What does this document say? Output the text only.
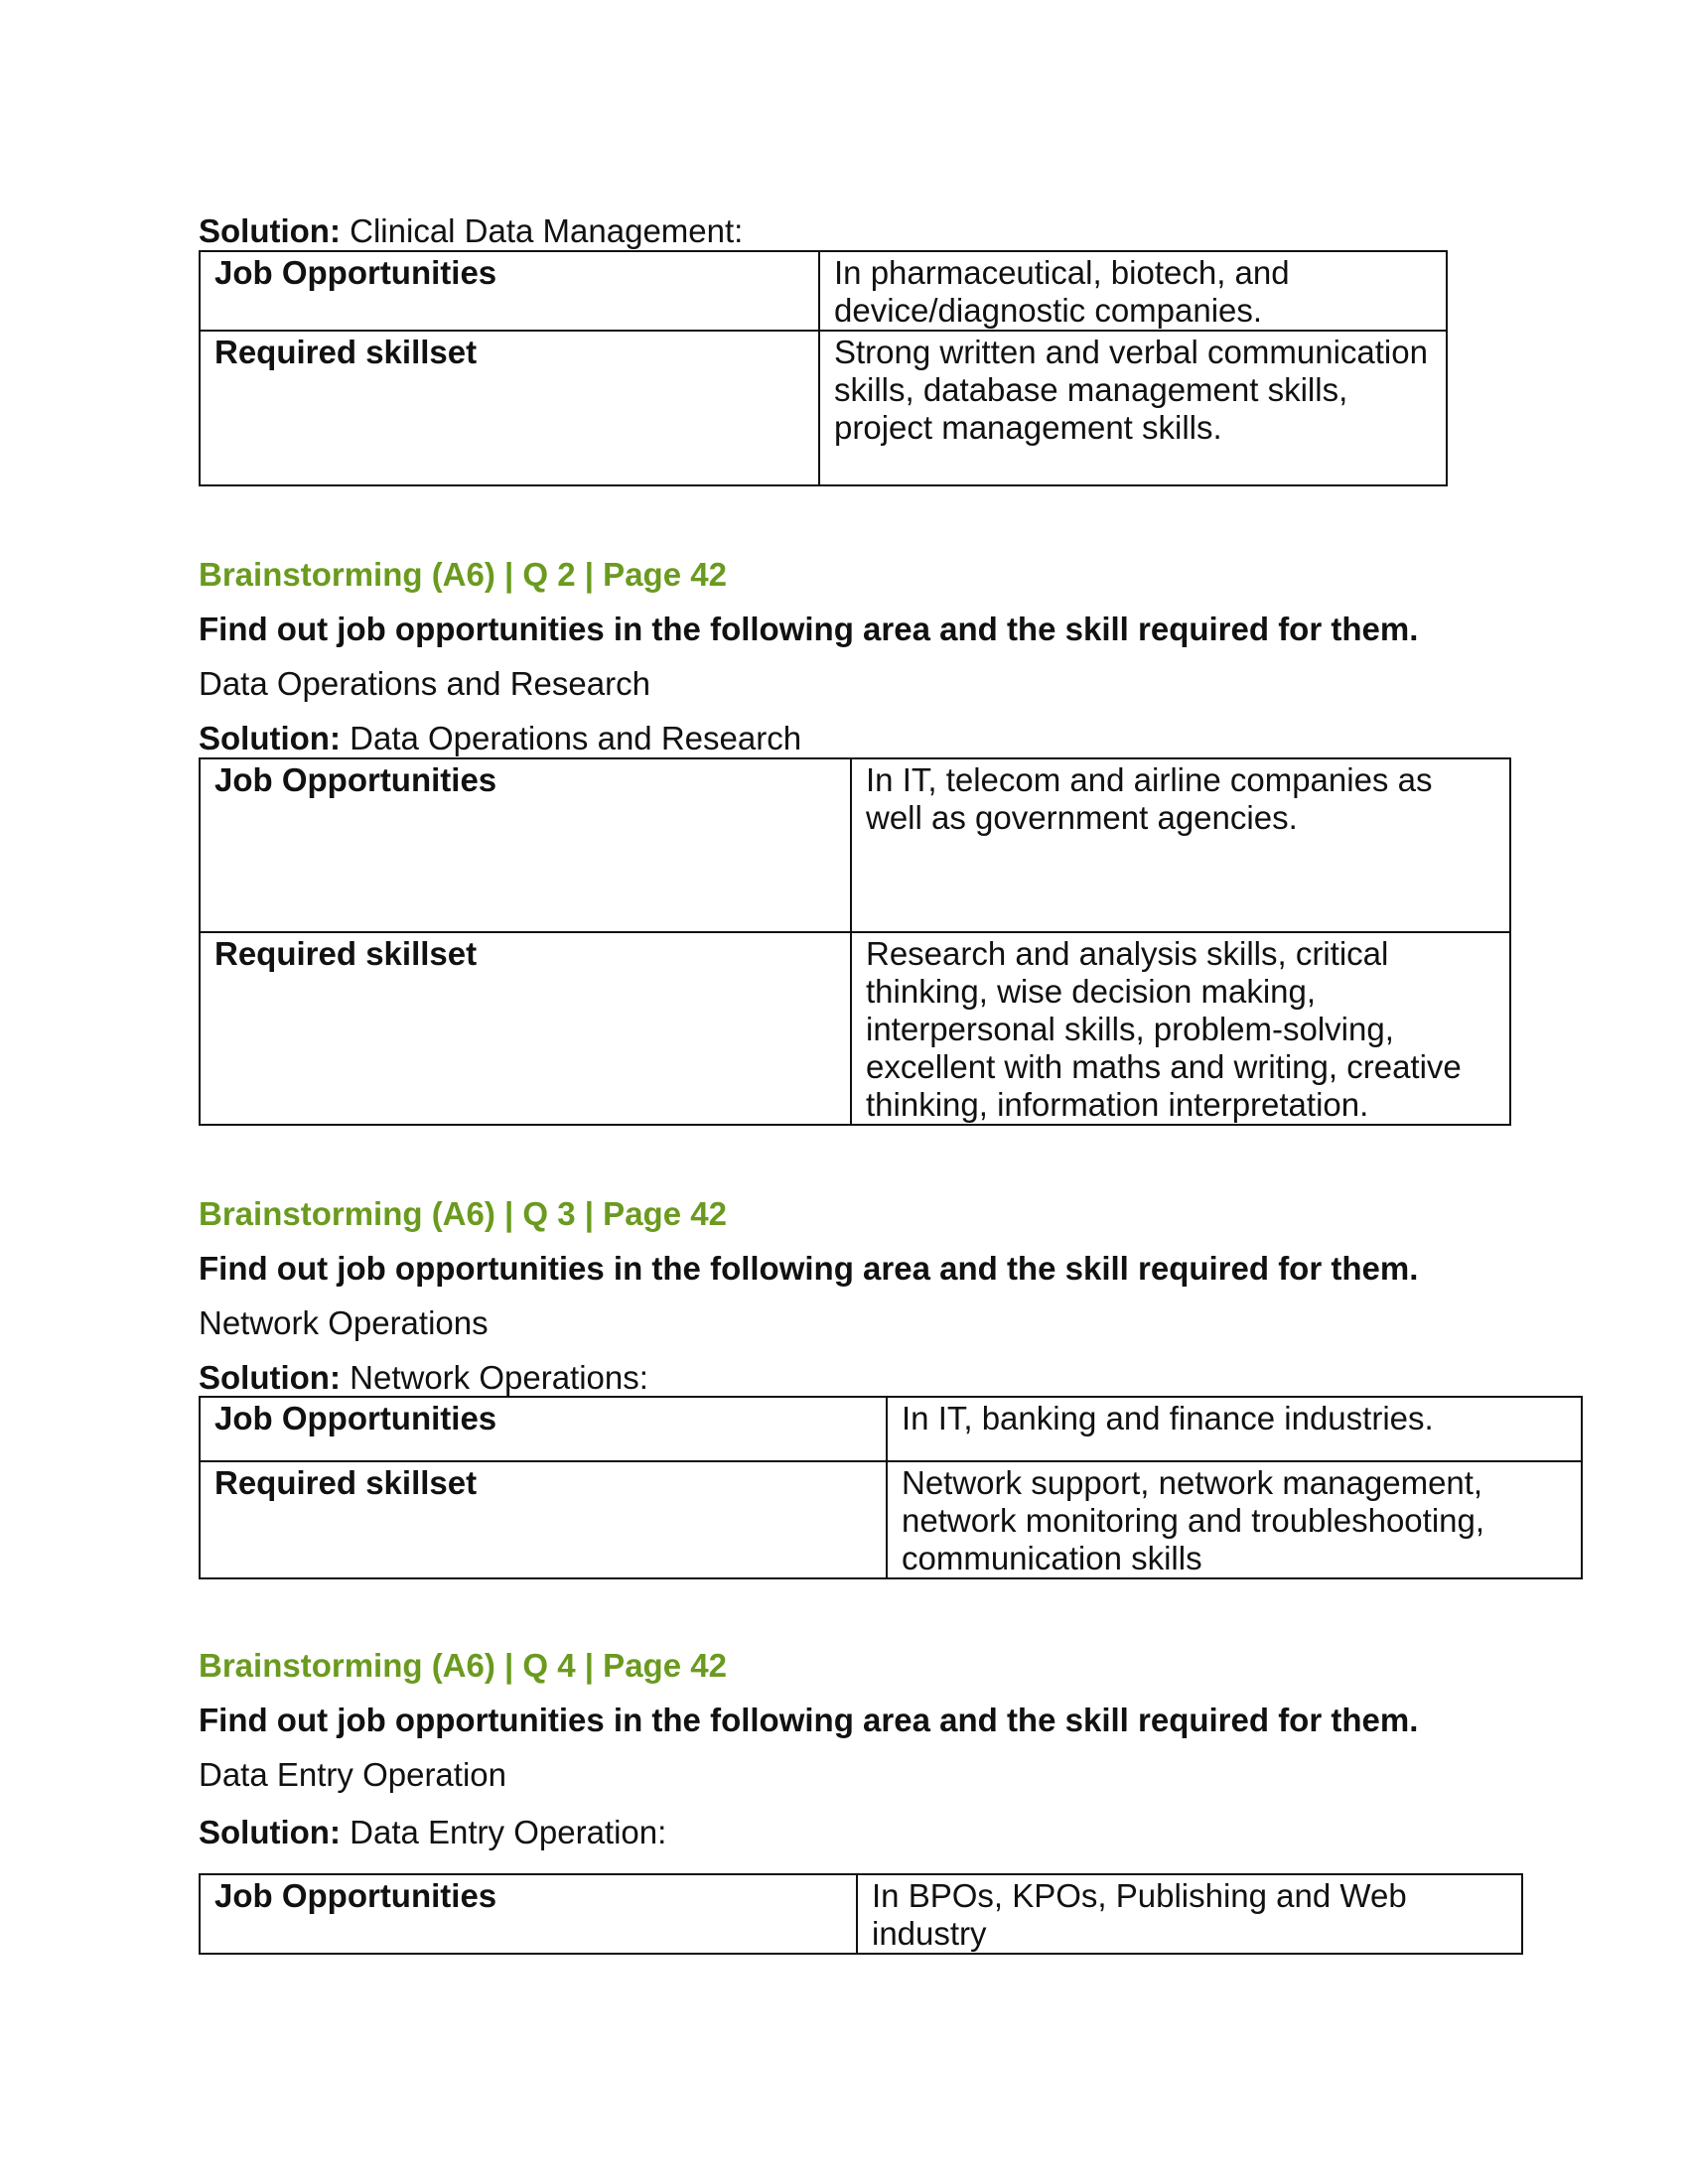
Solution: Clinical Data Management:

Job Opportunities	In pharmaceutical, biotech, and device/diagnostic companies.
Required skillset	Strong written and verbal communication skills, database management skills, project management skills.

Brainstorming (A6) | Q 2 | Page 42

Find out job opportunities in the following area and the skill required for them.

Data Operations and Research

Solution: Data Operations and Research

Job Opportunities	In IT, telecom and airline companies as well as government agencies.
Required skillset	Research and analysis skills, critical thinking, wise decision making, interpersonal skills, problem-solving, excellent with maths and writing, creative thinking, information interpretation.

Brainstorming (A6) | Q 3 | Page 42

Find out job opportunities in the following area and the skill required for them.

Network Operations

Solution: Network Operations:

Job Opportunities	In IT, banking and finance industries.
Required skillset	Network support, network management, network monitoring and troubleshooting, communication skills

Brainstorming (A6) | Q 4 | Page 42

Find out job opportunities in the following area and the skill required for them.

Data Entry Operation

Solution: Data Entry Operation:

Job Opportunities	In BPOs, KPOs, Publishing and Web industry
